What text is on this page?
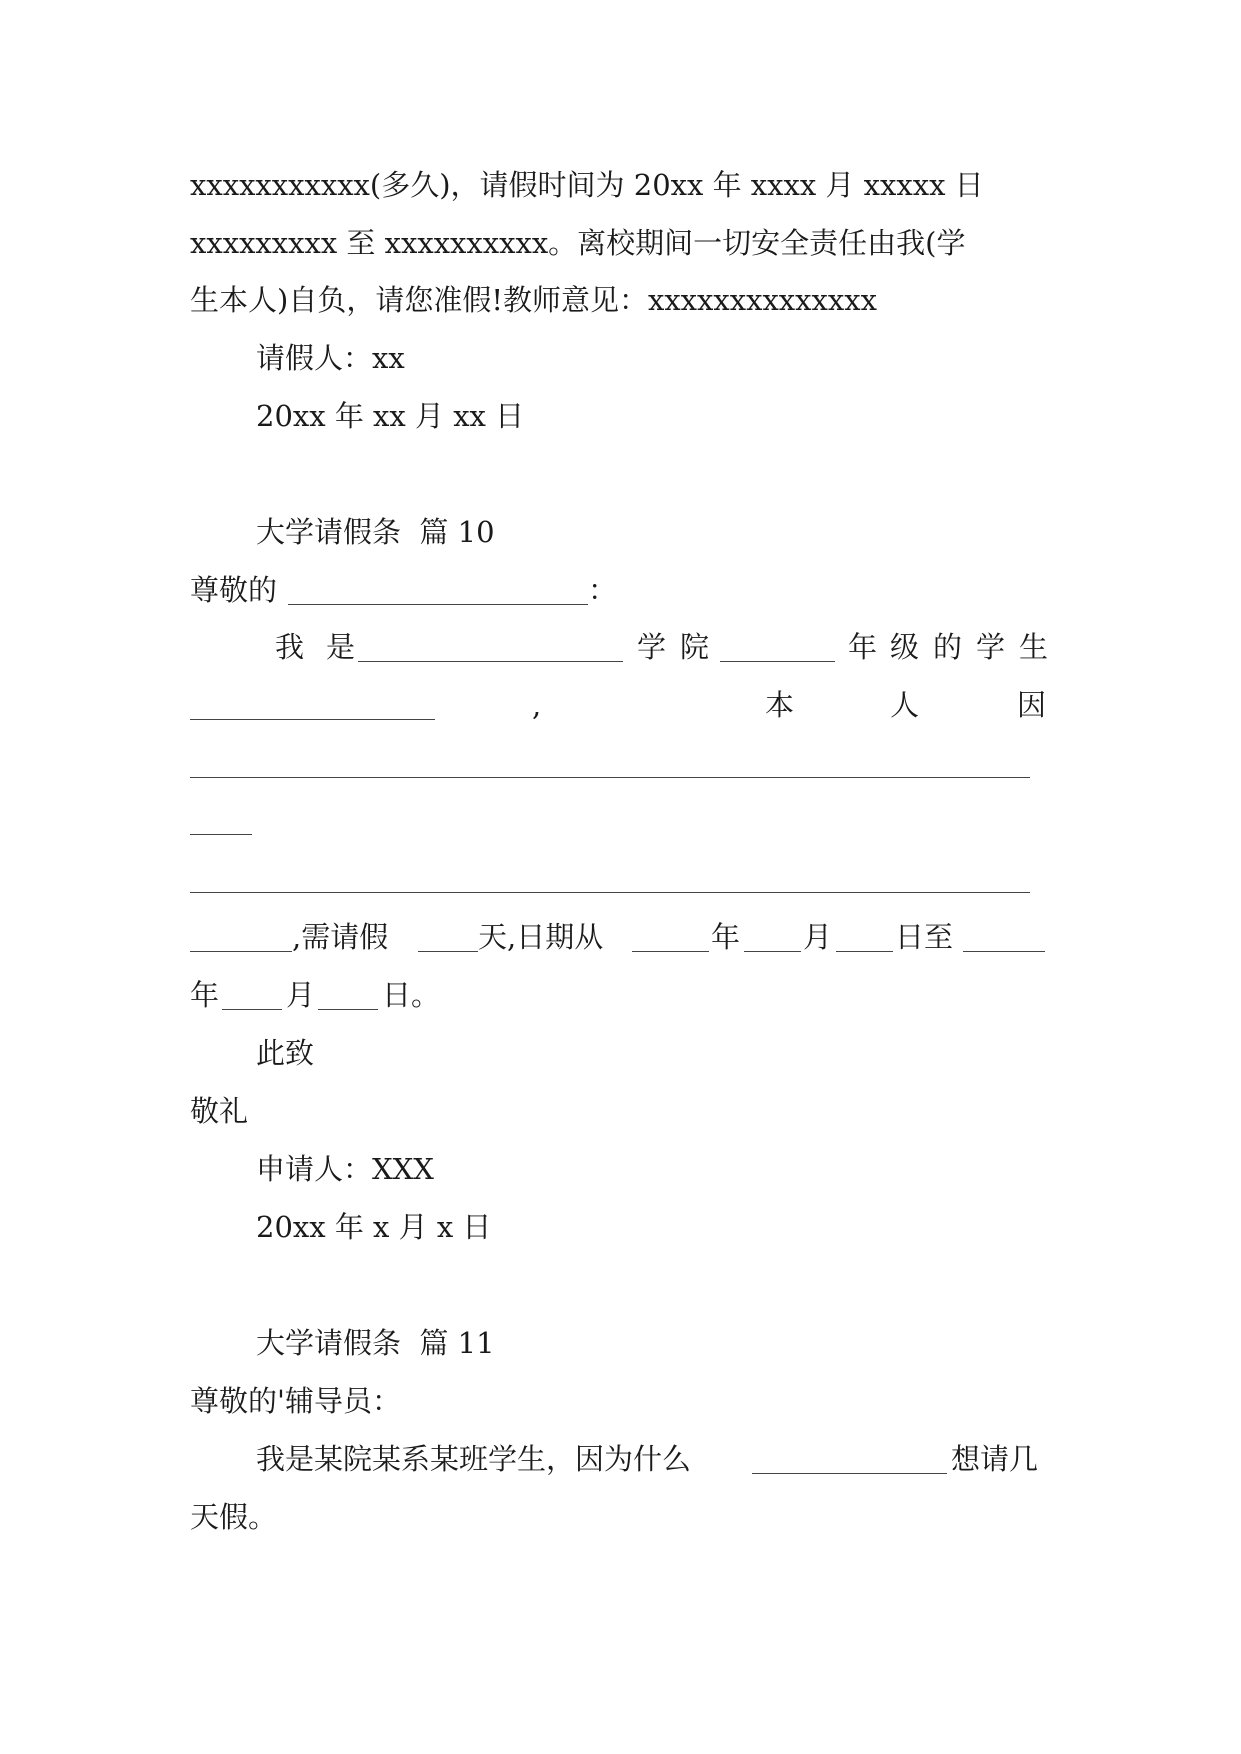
xxxxxxxxxxx(多久)，请假时间为 20xx 年 xxxx 月 xxxxx 日

xxxxxxxxx 至 xxxxxxxxxx。离校期间一切安全责任由我(学

生本人)自负，请您准假!教师意见：xxxxxxxxxxxxxx

请假人：xx

20xx 年 xx 月 xx 日

大学请假条  篇 10

尊敬的	：

我 是	学 院	年 级 的 学 生
,	本	人	因
,需请假	天,日期从	年 月 日至
年 月 日。

此致

敬礼

申请人：XXX

20xx 年 x 月 x 日

大学请假条  篇 11

尊敬的'辅导员：

我是某院某系某班学生，因为什么	想请几

天假。
